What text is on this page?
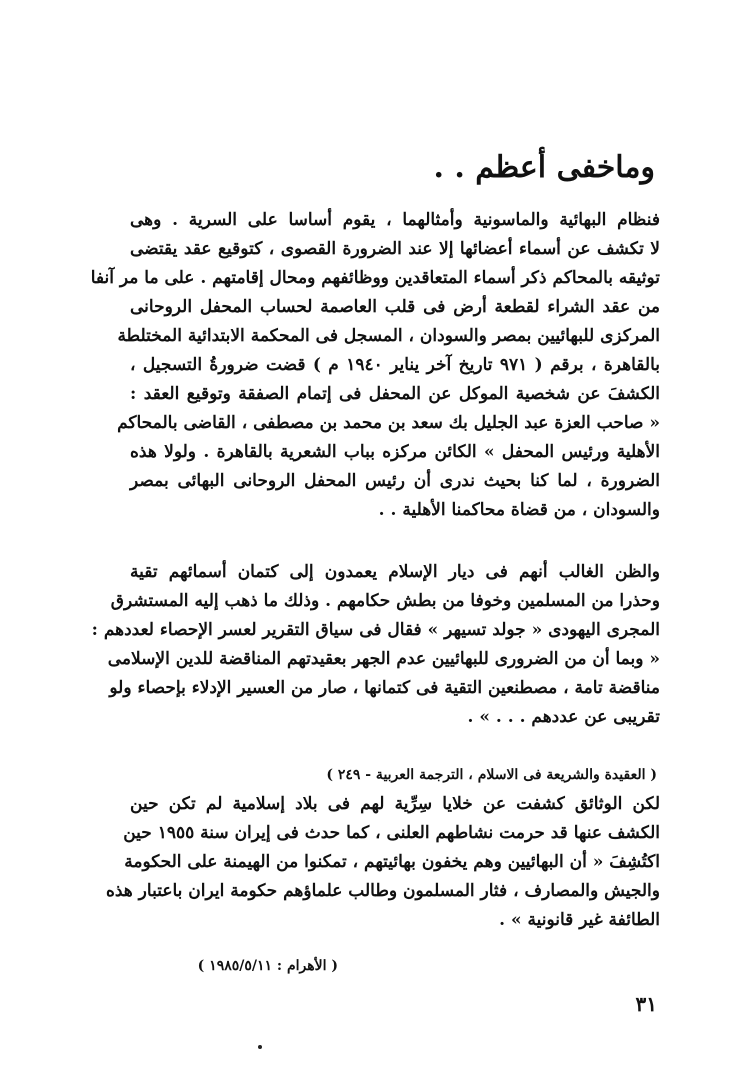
وماخفى أعظم . .
فنظام البهائية والماسونية وأمثالهما ، يقوم أساسا على السرية . وهى
لا تكشف عن أسماء أعضائها إلا عند الضرورة القصوى ، كتوقيع عقد يقتضى
توثيقه بالمحاكم ذكر أسماء المتعاقدين ووظائفهم ومحال إقامتهم . على ما مر آنفا
من عقد الشراء لقطعة أرض فى قلب العاصمة لحساب المحفل الروحانى
المركزى للبهائيين بمصر والسودان ، المسجل فى المحكمة الابتدائية المختلطة
بالقاهرة ، برقم ( ٩٧١ تاريخ آخر يناير ١٩٤٠ م ) قضت ضرورةُ التسجيل ،
الكشفَ عن شخصية الموكل عن المحفل فى إتمام الصفقة وتوقيع العقد :
« صاحب العزة عبد الجليل بك سعد بن محمد بن مصطفى ، القاضى بالمحاكم
الأهلية ورئيس المحفل » الكائن مركزه بباب الشعرية بالقاهرة . ولولا هذه
الضرورة ، لما كنا بحيث ندرى أن رئيس المحفل الروحانى البهائى بمصر
والسودان ، من قضاة محاكمنا الأهلية . .
والظن الغالب أنهم فى ديار الإسلام يعمدون إلى كتمان أسمائهم تقية
وحذرا من المسلمين وخوفا من بطش حكامهم . وذلك ما ذهب إليه المستشرق
المجرى اليهودى « جولد تسيهر » فقال فى سياق التقرير لعسر الإحصاء لعددهم :
« وبما أن من الضرورى للبهائيين عدم الجهر بعقيدتهم المناقضة للدين الإسلامى
مناقضة تامة ، مصطنعين التقية فى كتمانها ، صار من العسير الإدلاء بإحصاء ولو
تقريبى عن عددهم . . . » .
( العقيدة والشريعة فى الاسلام ، الترجمة العربية - ٢٤٩ )
لكن الوثائق كشفت عن خلايا سِرِّية لهم فى بلاد إسلامية لم تكن حين
الكشف عنها قد حرمت نشاطهم العلنى ، كما حدث فى إيران سنة ١٩٥٥ حين
اكتُشِفَ « أن البهائيين وهم يخفون بهائيتهم ، تمكنوا من الهيمنة على الحكومة
والجيش والمصارف ، فثار المسلمون وطالب علماؤهم حكومة ايران باعتبار هذه
الطائفة غير قانونية » .
( الأهرام : ١٩٨٥/٥/١١ )
٣١
